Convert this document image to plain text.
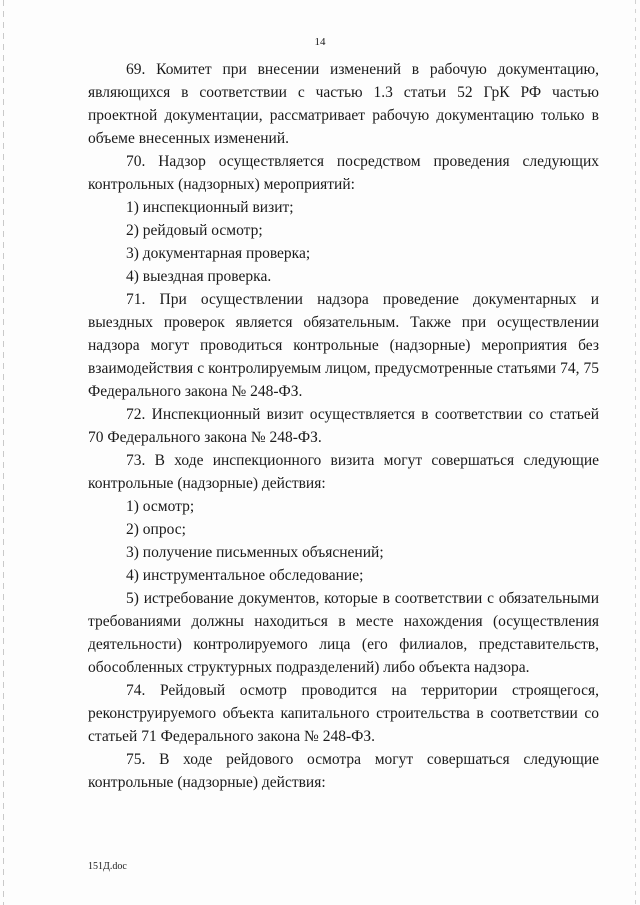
14

69. Комитет при внесении изменений в рабочую документацию, являющихся в соответствии с частью 1.3 статьи 52 ГрК РФ частью проектной документации, рассматривает рабочую документацию только в объеме внесенных изменений.

70. Надзор осуществляется посредством проведения следующих контрольных (надзорных) мероприятий:

1) инспекционный визит;

2) рейдовый осмотр;

3) документарная проверка;

4) выездная проверка.

71. При осуществлении надзора проведение документарных и выездных проверок является обязательным. Также при осуществлении надзора могут проводиться контрольные (надзорные) мероприятия без взаимодействия с контролируемым лицом, предусмотренные статьями 74, 75 Федерального закона № 248-ФЗ.

72. Инспекционный визит осуществляется в соответствии со статьей 70 Федерального закона № 248-ФЗ.

73. В ходе инспекционного визита могут совершаться следующие контрольные (надзорные) действия:

1) осмотр;

2) опрос;

3) получение письменных объяснений;

4) инструментальное обследование;

5) истребование документов, которые в соответствии с обязательными требованиями должны находиться в месте нахождения (осуществления деятельности) контролируемого лица (его филиалов, представительств, обособленных структурных подразделений) либо объекта надзора.

74. Рейдовый осмотр проводится на территории строящегося, реконструируемого объекта капитального строительства в соответствии со статьей 71 Федерального закона № 248-ФЗ.

75. В ходе рейдового осмотра могут совершаться следующие контрольные (надзорные) действия:

151Д.doc
